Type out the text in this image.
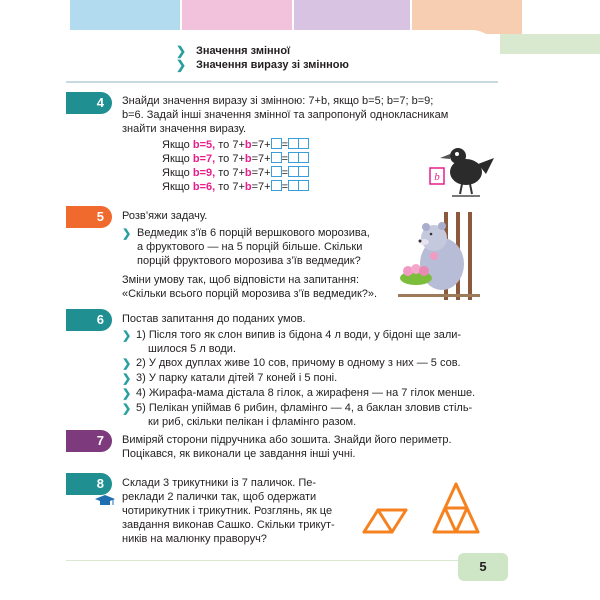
❯ Значення змінної
❯ Значення виразу зі змінною
4	Знайди значення виразу зі змінною: 7+b, якщо b=5; b=7; b=9;
b=6. Задай інші значення змінної та запропонуй однокласникам
знайти значення виразу.
Якщо b=5, то 7+b=7+ =
Якщо b=7, то 7+b=7+ =
Якщо b=9, то 7+b=7+ =
Якщо b=6, то 7+b=7+ =
b
5	Розв’яжи задачу.
❯ Ведмедик з’їв 6 порцій вершкового морозива,
а фруктового — на 5 порцій більше. Скільки
порцій фруктового морозива з’їв ведмедик?
Зміни умову так, щоб відповісти на запитання:
«Скільки всього порцій морозива з’їв ведмедик?».
6	Постав запитання до поданих умов.
❯ 1) Після того як слон випив із бідона 4 л води, у бідоні ще зали-
шилося 5 л води.
❯ 2) У двох дуплах живе 10 сов, причому в одному з них — 5 сов.
❯ 3) У парку катали дітей 7 коней і 5 поні.
❯ 4) Жирафа-мама дістала 8 гілок, а жирафеня — на 7 гілок менше.
❯ 5) Пелікан упіймав 6 рибин, фламінго — 4, а баклан зловив стіль-
ки риб, скільки пелікан і фламінго разом.
7	Виміряй сторони підручника або зошита. Знайди його периметр.
Поцікався, як виконали це завдання інші учні.
8	Склади 3 трикутники із 7 паличок. Пе-
реклади 2 палички так, щоб одержати
чотирикутник і трикутник. Розглянь, як це
завдання виконав Сашко. Скільки трикут-
ників на малюнку праворуч?
5
